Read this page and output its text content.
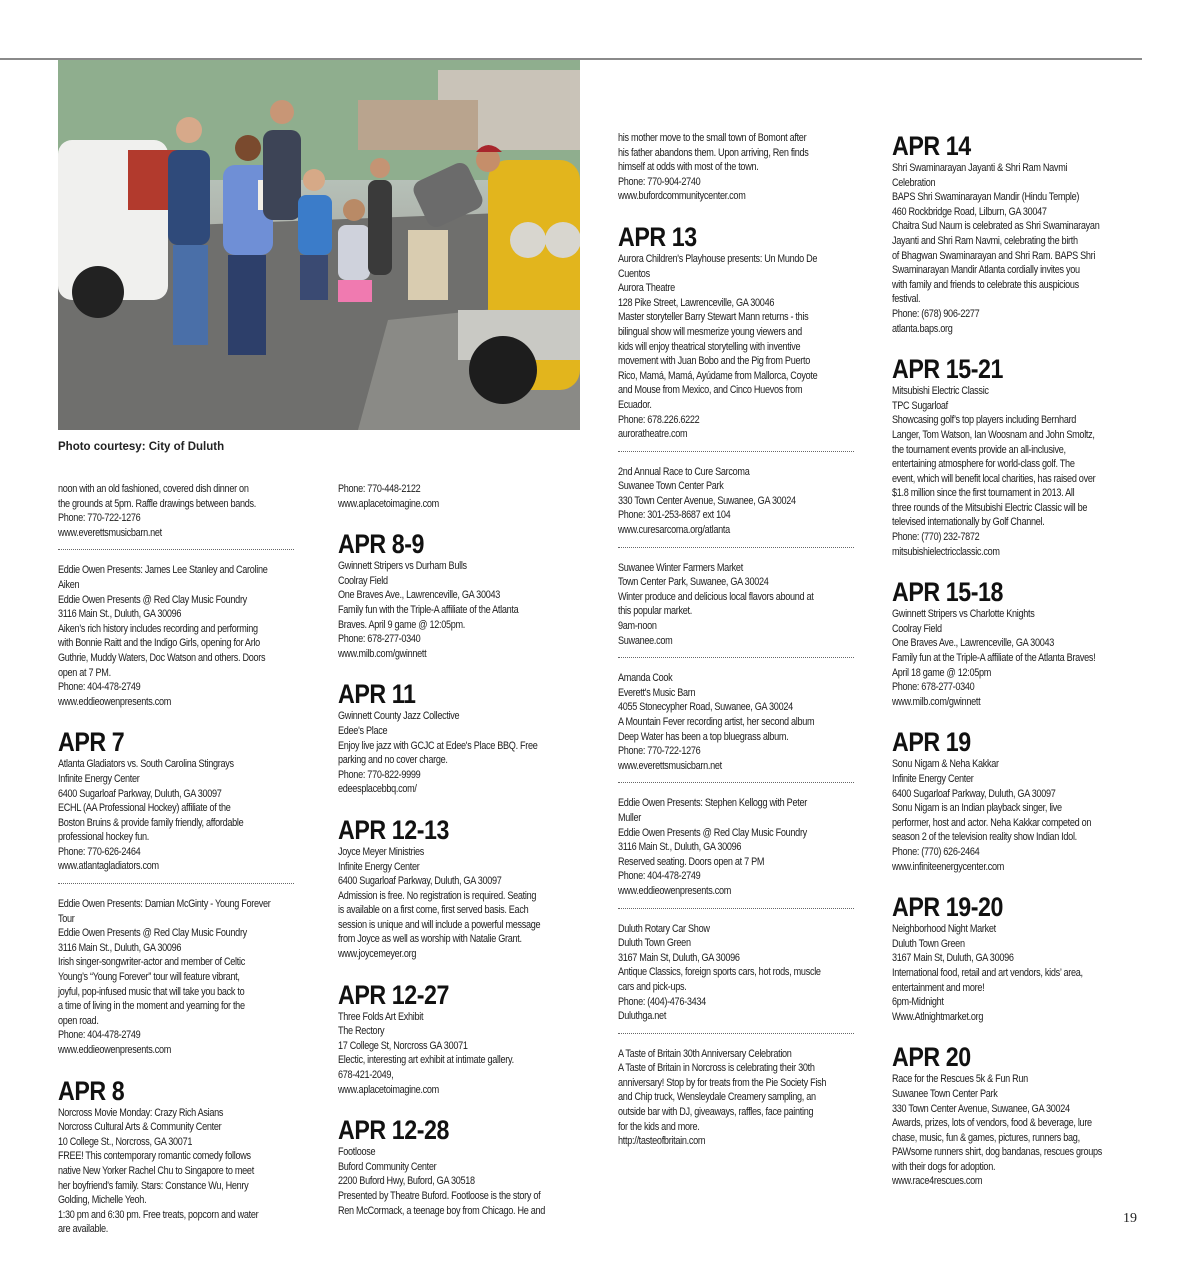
Photo courtesy: City of Duluth
noon with an old fashioned, covered dish dinner on
the grounds at 5pm. Raffle drawings between bands.
Phone: 770-722-1276
www.everettsmusicbarn.net
Eddie Owen Presents: James Lee Stanley and Caroline
Aiken
Eddie Owen Presents @ Red Clay Music Foundry
3116 Main St., Duluth, GA 30096
Aiken’s rich history includes recording and performing
with Bonnie Raitt and the Indigo Girls, opening for Arlo
Guthrie, Muddy Waters, Doc Watson and others. Doors
open at 7 PM.
Phone: 404-478-2749
www.eddieowenpresents.com
APR 7
Atlanta Gladiators vs. South Carolina Stingrays
Infinite Energy Center
6400 Sugarloaf Parkway, Duluth, GA 30097
ECHL (AA Professional Hockey) affiliate of the
Boston Bruins & provide family friendly, affordable
professional hockey fun.
Phone: 770-626-2464
www.atlantagladiators.com
Eddie Owen Presents: Damian McGinty - Young Forever
Tour
Eddie Owen Presents @ Red Clay Music Foundry
3116 Main St., Duluth, GA 30096
Irish singer-songwriter-actor and member of Celtic
Young’s “Young Forever” tour will feature vibrant,
joyful, pop-infused music that will take you back to
a time of living in the moment and yearning for the
open road.
Phone: 404-478-2749
www.eddieowenpresents.com
APR 8
Norcross Movie Monday: Crazy Rich Asians
Norcross Cultural Arts & Community Center
10 College St., Norcross, GA 30071
FREE! This contemporary romantic comedy follows
native New Yorker Rachel Chu to Singapore to meet
her boyfriend's family. Stars: Constance Wu, Henry
Golding, Michelle Yeoh.
1:30 pm and 6:30 pm. Free treats, popcorn and water
are available.
Phone: 770-448-2122
www.aplacetoimagine.com
APR 8-9
Gwinnett Stripers vs Durham Bulls
Coolray Field
One Braves Ave., Lawrenceville, GA 30043
Family fun with the Triple-A affiliate of the Atlanta
Braves. April 9 game @ 12:05pm.
Phone: 678-277-0340
www.milb.com/gwinnett
APR 11
Gwinnett County Jazz Collective
Edee's Place
Enjoy live jazz with GCJC at Edee's Place BBQ. Free
parking and no cover charge.
Phone: 770-822-9999
edeesplacebbq.com/
APR 12-13
Joyce Meyer Ministries
Infinite Energy Center
6400 Sugarloaf Parkway, Duluth, GA 30097
Admission is free. No registration is required. Seating
is available on a first come, first served basis. Each
session is unique and will include a powerful message
from Joyce as well as worship with Natalie Grant.
www.joycemeyer.org
APR 12-27
Three Folds Art Exhibit
The Rectory
17 College St, Norcross GA 30071
Electic, interesting art exhibit at intimate gallery.
678-421-2049,
www.aplacetoimagine.com
APR 12-28
Footloose
Buford Community Center
2200 Buford Hwy, Buford, GA 30518
Presented by Theatre Buford. Footloose is the story of
Ren McCormack, a teenage boy from Chicago. He and
his mother move to the small town of Bomont after
his father abandons them. Upon arriving, Ren finds
himself at odds with most of the town.
Phone: 770-904-2740
www.bufordcommunitycenter.com
APR 13
Aurora Children's Playhouse presents: Un Mundo De
Cuentos
Aurora Theatre
128 Pike Street, Lawrenceville, GA 30046
Master storyteller Barry Stewart Mann returns - this
bilingual show will mesmerize young viewers and
kids will enjoy theatrical storytelling with inventive
movement with Juan Bobo and the Pig from Puerto
Rico, Mamá, Mamá, Ayúdame from Mallorca, Coyote
and Mouse from Mexico, and Cinco Huevos from
Ecuador.
Phone: 678.226.6222
auroratheatre.com
2nd Annual Race to Cure Sarcoma
Suwanee Town Center Park
330 Town Center Avenue, Suwanee, GA 30024
Phone: 301-253-8687 ext 104
www.curesarcoma.org/atlanta
Suwanee Winter Farmers Market
Town Center Park, Suwanee, GA 30024
Winter produce and delicious local flavors abound at
this popular market.
9am-noon
Suwanee.com
Amanda Cook
Everett's Music Barn
4055 Stonecypher Road, Suwanee, GA 30024
A Mountain Fever recording artist, her second album
Deep Water has been a top bluegrass album.
Phone: 770-722-1276
www.everettsmusicbarn.net
Eddie Owen Presents: Stephen Kellogg with Peter
Muller
Eddie Owen Presents @ Red Clay Music Foundry
3116 Main St., Duluth, GA 30096
Reserved seating. Doors open at 7 PM
Phone: 404-478-2749
www.eddieowenpresents.com
Duluth Rotary Car Show
Duluth Town Green
3167 Main St, Duluth, GA 30096
Antique Classics, foreign sports cars, hot rods, muscle
cars and pick-ups.
Phone: (404)-476-3434
Duluthga.net
A Taste of Britain 30th Anniversary Celebration
A Taste of Britain in Norcross is celebrating their 30th
anniversary! Stop by for treats from the Pie Society Fish
and Chip truck, Wensleydale Creamery sampling, an
outside bar with DJ, giveaways, raffles, face painting
for the kids and more.
http://tasteofbritain.com
APR 14
Shri Swaminarayan Jayanti & Shri Ram Navmi
Celebration
BAPS Shri Swaminarayan Mandir (Hindu Temple)
460 Rockbridge Road, Lilburn, GA 30047
Chaitra Sud Naum is celebrated as Shri Swaminarayan
Jayanti and Shri Ram Navmi, celebrating the birth
of Bhagwan Swaminarayan and Shri Ram. BAPS Shri
Swaminarayan Mandir Atlanta cordially invites you
with family and friends to celebrate this auspicious
festival.
Phone: (678) 906-2277
atlanta.baps.org
APR 15-21
Mitsubishi Electric Classic
TPC Sugarloaf
Showcasing golf’s top players including Bernhard
Langer, Tom Watson, Ian Woosnam and John Smoltz,
the tournament events provide an all-inclusive,
entertaining atmosphere for world-class golf. The
event, which will benefit local charities, has raised over
$1.8 million since the first tournament in 2013. All
three rounds of the Mitsubishi Electric Classic will be
televised internationally by Golf Channel.
Phone: (770) 232-7872
mitsubishielectricclassic.com
APR 15-18
Gwinnett Stripers vs Charlotte Knights
Coolray Field
One Braves Ave., Lawrenceville, GA 30043
Family fun at the Triple-A affiliate of the Atlanta Braves!
April 18 game @ 12:05pm
Phone: 678-277-0340
www.milb.com/gwinnett
APR 19
Sonu Nigam & Neha Kakkar
Infinite Energy Center
6400 Sugarloaf Parkway, Duluth, GA 30097
Sonu Nigam is an Indian playback singer, live
performer, host and actor. Neha Kakkar competed on
season 2 of the television reality show Indian Idol.
Phone: (770) 626-2464
www.infiniteenergycenter.com
APR 19-20
Neighborhood Night Market
Duluth Town Green
3167 Main St, Duluth, GA 30096
International food, retail and art vendors, kids’ area,
entertainment and more!
6pm-Midnight
Www.Atlnightmarket.org
APR 20
Race for the Rescues 5k & Fun Run
Suwanee Town Center Park
330 Town Center Avenue, Suwanee, GA 30024
Awards, prizes, lots of vendors, food & beverage, lure
chase, music, fun & games, pictures, runners bag,
PAWsome runners shirt, dog bandanas, rescues groups
with their dogs for adoption.
www.race4rescues.com
19
